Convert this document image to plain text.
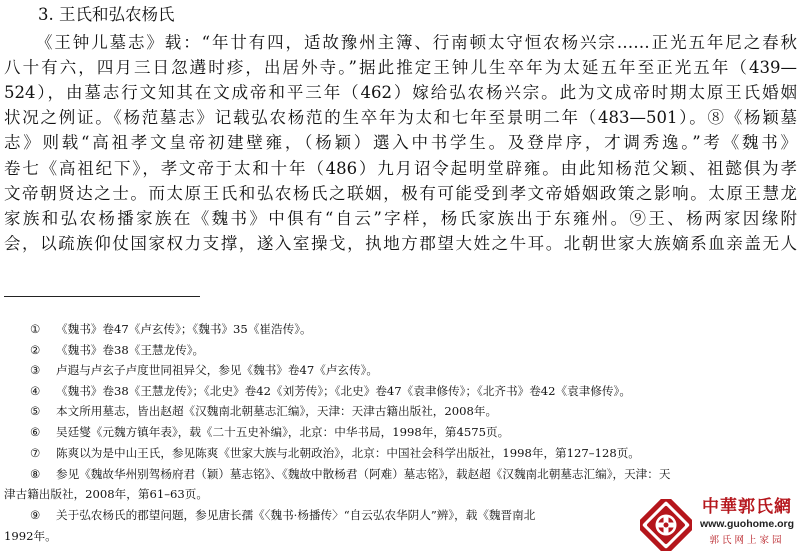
3. 王氏和弘农杨氏
《王钟儿墓志》载：“年廿有四，适故豫州主簿、行南顿太守恒农杨兴宗……正光五年尼之春秋
八十有六，四月三日忽遘时疹，出居外寺。”据此推定王钟儿生卒年为太延五年至正光五年（439—
524），由墓志行文知其在文成帝和平三年（462）嫁给弘农杨兴宗。此为文成帝时期太原王氏婚姻
状况之例证。《杨范墓志》记载弘农杨范的生卒年为太和七年至景明二年（483—501）。⑧《杨颖墓
志》则载“高祖孝文皇帝初建壁雍，（杨颖）選入中书学生。及登岸序，才调秀逸。”考《魏书》
卷七《高祖纪下》，孝文帝于太和十年（486）九月诏令起明堂辟雍。由此知杨范父颖、祖懿俱为孝
文帝朝贤达之士。而太原王氏和弘农杨氏之联姻，极有可能受到孝文帝婚姻政策之影响。太原王慧龙
家族和弘农杨播家族在《魏书》中俱有“自云”字样，杨氏家族出于东雍州。⑨王、杨两家因缘附
会，以疏族仰仗国家权力支撑，遂入室操戈，执地方郡望大姓之牛耳。北朝世家大族嫡系血亲盖无人
① 《魏书》卷47《卢玄传》；《魏书》35《崔浩传》。
② 《魏书》卷38《王慧龙传》。
③ 卢遐与卢玄子卢度世同祖异父，参见《魏书》卷47《卢玄传》。
④ 《魏书》卷38《王慧龙传》；《北史》卷42《刘芳传》；《北史》卷47《袁聿修传》；《北齐书》卷42《袁聿修传》。
⑤ 本文所用墓志，皆出赵超《汉魏南北朝墓志汇编》，天津：天津古籍出版社，2008年。
⑥ 吴廷燮《元魏方镇年表》，载《二十五史补编》，北京：中华书局，1998年，第4575页。
⑦ 陈爽以为是中山王氏，参见陈爽《世家大族与北朝政治》，北京：中国社会科学出版社，1998年，第127–128页。
⑧ 参见《魏故华州别驾杨府君（颖）墓志铭》、《魏故中散杨君（阿难）墓志铭》，载赵超《汉魏南北朝墓志汇编》，天津：天
津古籍出版社，2008年，第61–63页。
⑨ 关于弘农杨氏的郡望问题，参见唐长孺《〈魏书·杨播传〉“自云弘农华阴人”辨》，载《魏晋南北
1992年。
中華郭氏網
www.guohome.org
郭氏网上家园
